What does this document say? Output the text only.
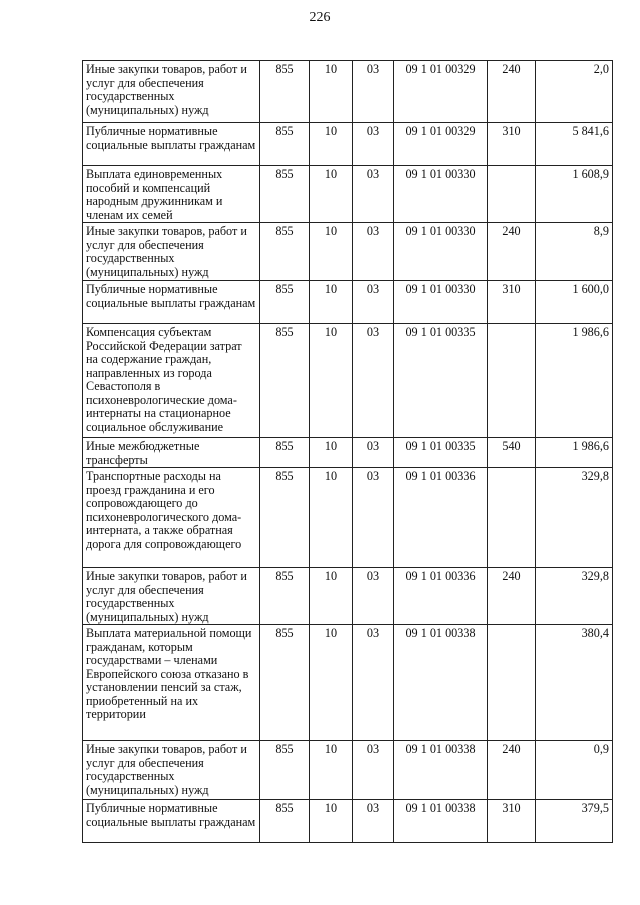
226
Иные закупки товаров, работ и услуг для обеспечения государственных (муниципальных) нужд	855	10	03	09 1 01 00329	240	2,0
Публичные нормативные социальные выплаты гражданам	855	10	03	09 1 01 00329	310	5 841,6
Выплата единовременных пособий и компенсаций народным дружинникам и членам их семей	855	10	03	09 1 01 00330		1 608,9
Иные закупки товаров, работ и услуг для обеспечения государственных (муниципальных) нужд	855	10	03	09 1 01 00330	240	8,9
Публичные нормативные социальные выплаты гражданам	855	10	03	09 1 01 00330	310	1 600,0
Компенсация субъектам Российской Федерации затрат на содержание граждан, направленных из города Севастополя в психоневрологические дома-интернаты на стационарное социальное обслуживание	855	10	03	09 1 01 00335		1 986,6
Иные межбюджетные трансферты	855	10	03	09 1 01 00335	540	1 986,6
Транспортные расходы на проезд гражданина и его сопровождающего до психоневрологического дома-интерната, а также обратная дорога для сопровождающего	855	10	03	09 1 01 00336		329,8
Иные закупки товаров, работ и услуг для обеспечения государственных (муниципальных) нужд	855	10	03	09 1 01 00336	240	329,8
Выплата материальной помощи гражданам, которым государствами – членами Европейского союза отказано в установлении пенсий за стаж, приобретенный на их территории	855	10	03	09 1 01 00338		380,4
Иные закупки товаров, работ и услуг для обеспечения государственных (муниципальных) нужд	855	10	03	09 1 01 00338	240	0,9
Публичные нормативные социальные выплаты гражданам	855	10	03	09 1 01 00338	310	379,5
